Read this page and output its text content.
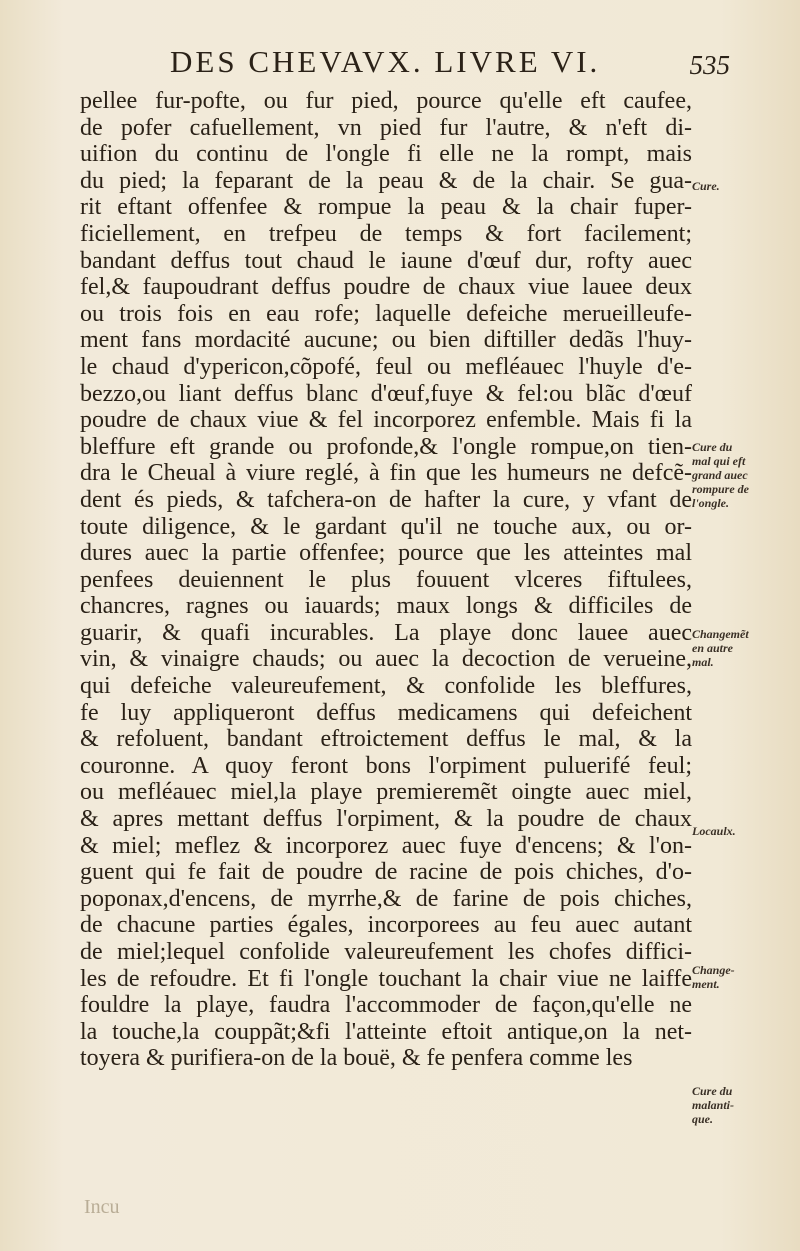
DES CHEVAVX. LIVRE VI.	535
pellee fur-pofte, ou fur pied, pource qu'elle eft caufee,
de pofer cafuellement, vn pied fur l'autre, & n'eft di-
uifion du continu de l'ongle fi elle ne la rompt, mais
du pied; la feparant de la peau & de la chair. Se gua-
rit eftant offenfee & rompue la peau & la chair fuper-
ficiellement, en trefpeu de temps & fort facilement;
bandant deffus tout chaud le iaune d'œuf dur, rofty auec
fel,& faupoudrant deffus poudre de chaux viue lauee deux
ou trois fois en eau rofe; laquelle defeiche merueilleufe-
ment fans mordacité aucune; ou bien diftiller dedãs l'huy-
le chaud d'ypericon,cõpofé, feul ou mefléauec l'huyle d'e-
bezzo,ou liant deffus blanc d'œuf,fuye & fel:ou blãc d'œuf
poudre de chaux viue & fel incorporez enfemble. Mais fi la
bleffure eft grande ou profonde,& l'ongle rompue,on tien-
dra le Cheual à viure reglé, à fin que les humeurs ne defcẽ-
dent és pieds, & tafchera-on de hafter la cure, y vfant de
toute diligence, & le gardant qu'il ne touche aux, ou or-
dures auec la partie offenfee; pource que les atteintes mal
penfees deuiennent le plus fouuent vlceres fiftulees,
chancres, ragnes ou iauards; maux longs & difficiles de
guarir, & quafi incurables. La playe donc lauee auec
vin, & vinaigre chauds; ou auec la decoction de verueine,
qui defeiche valeureufement, & confolide les bleffures,
fe luy appliqueront deffus medicamens qui defeichent
& refoluent, bandant eftroictement deffus le mal, & la
couronne. A quoy feront bons l'orpiment puluerifé feul;
ou mefléauec miel,la playe premieremẽt oingte auec miel,
& apres mettant deffus l'orpiment, & la poudre de chaux
& miel; meflez & incorporez auec fuye d'encens; & l'on-
guent qui fe fait de poudre de racine de pois chiches, d'o-
poponax,d'encens, de myrrhe,& de farine de pois chiches,
de chacune parties égales, incorporees au feu auec autant
de miel;lequel confolide valeureufement les chofes diffici-
les de refoudre. Et fi l'ongle touchant la chair viue ne laiffe
fouldre la playe, faudra l'accommoder de façon,qu'elle ne
la touche,la couppãt;&fi l'atteinte eftoit antique,on la net-
toyera & purifiera-on de la bouë, & fe penfera comme les
Cure.
Cure du
mal qui eft
grand auec
rompure de
l'ongle.
Changemẽt
en autre
mal.
Locaulx.
Change-
ment.
Cure du
malanti-
que.
Incu
